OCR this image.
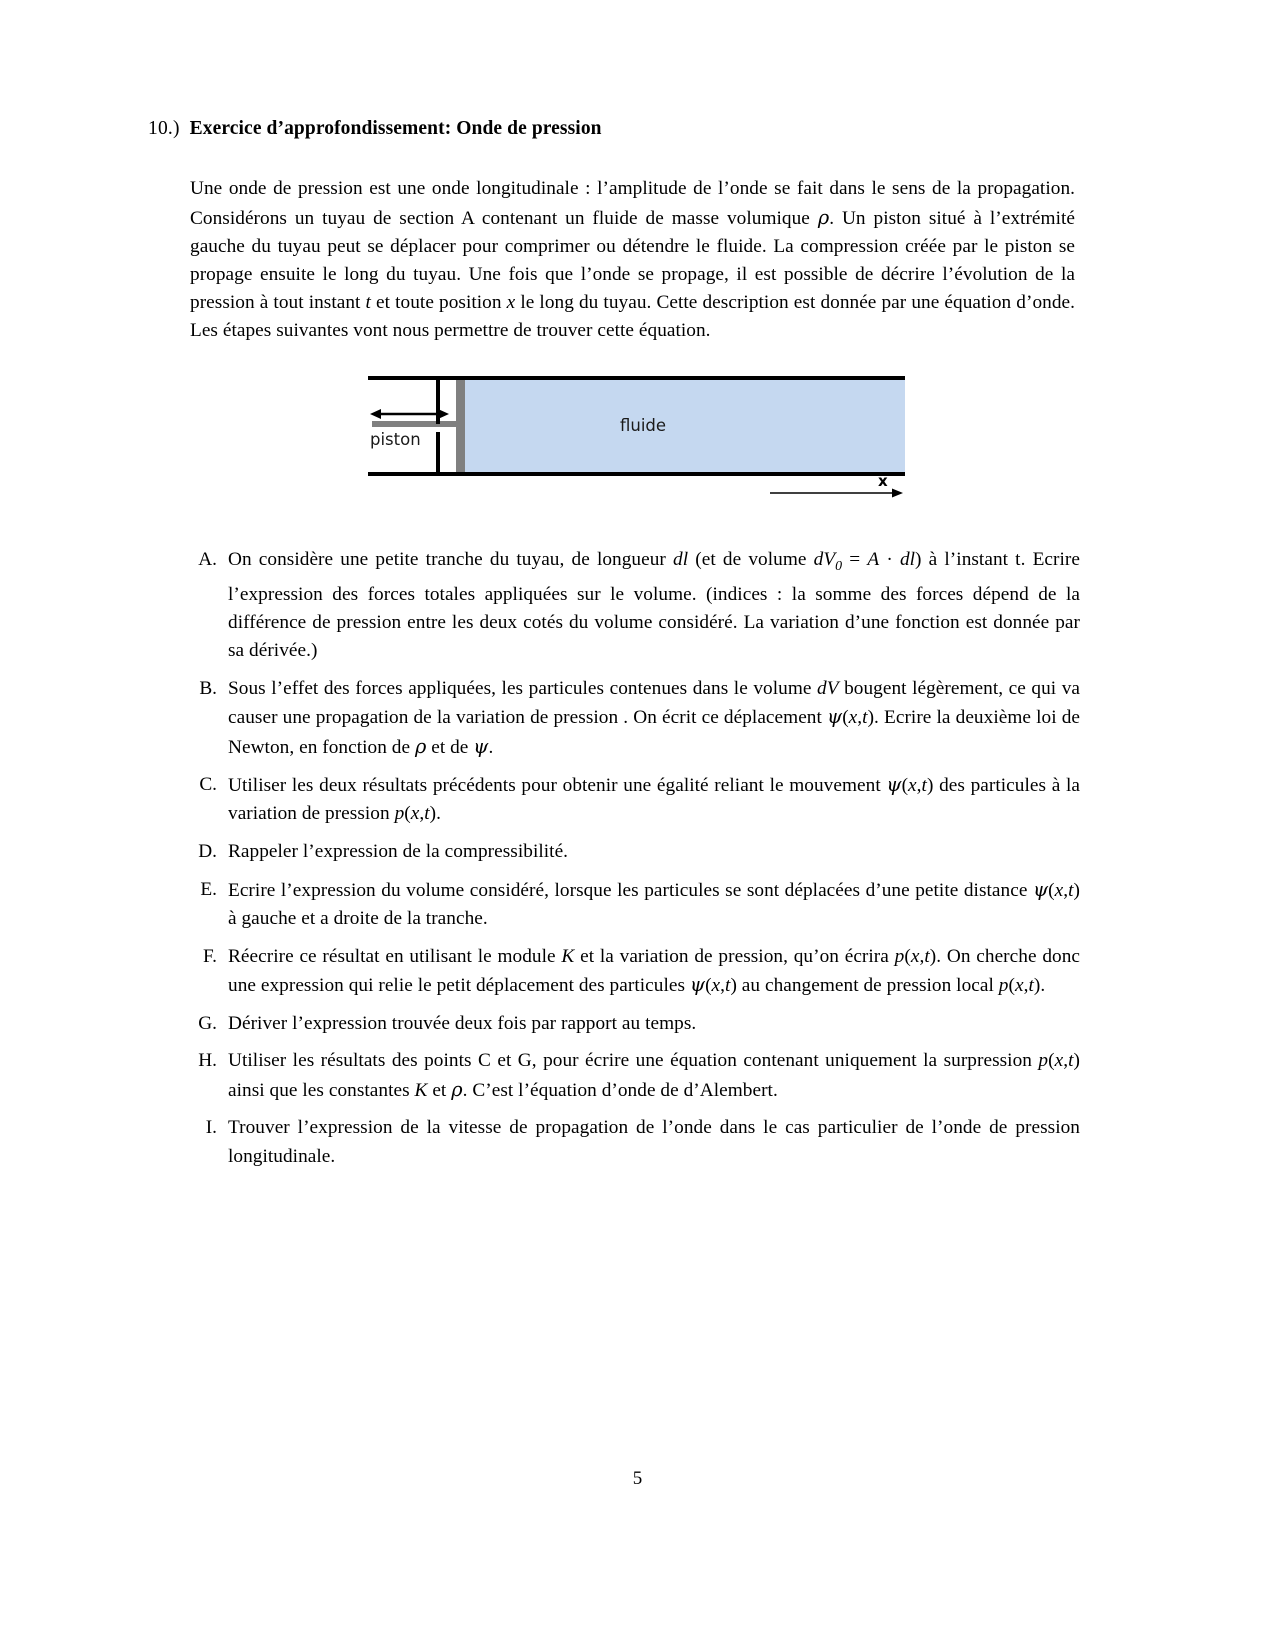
10.) Exercice d’approfondissement: Onde de pression

Une onde de pression est une onde longitudinale : l’amplitude de l’onde se fait dans le sens de la propagation. Considérons un tuyau de section A contenant un fluide de masse volumique ρ. Un piston situé à l’extrémité gauche du tuyau peut se déplacer pour comprimer ou détendre le fluide. La compression créée par le piston se propage ensuite le long du tuyau. Une fois que l’onde se propage, il est possible de décrire l’évolution de la pression à tout instant t et toute position x le long du tuyau. Cette description est donnée par une équation d’onde. Les étapes suivantes vont nous permettre de trouver cette équation.

fluide
piston
x
A. On considère une petite tranche du tuyau, de longueur dl (et de volume $dV_0 = A \cdot dl$) à l’instant t. Ecrire l’expression des forces totales appliquées sur le volume. (indices : la somme des forces dépend de la différence de pression entre les deux cotés du volume considéré. La variation d’une fonction est donnée par sa dérivée.)
B. Sous l’effet des forces appliquées, les particules contenues dans le volume dV bougent légèrement, ce qui va causer une propagation de la variation de pression . On écrit ce déplacement ψ(x,t). Ecrire la deuxième loi de Newton, en fonction de ρ et de ψ.
C. Utiliser les deux résultats précédents pour obtenir une égalité reliant le mouvement ψ(x,t) des particules à la variation de pression p(x,t).
D. Rappeler l’expression de la compressibilité.
E. Ecrire l’expression du volume considéré, lorsque les particules se sont déplacées d’une petite distance ψ(x,t) à gauche et a droite de la tranche.
F. Réecrire ce résultat en utilisant le module K et la variation de pression, qu’on écrira p(x,t). On cherche donc une expression qui relie le petit déplacement des particules ψ(x,t) au changement de pression local p(x,t).
G. Dériver l’expression trouvée deux fois par rapport au temps.
H. Utiliser les résultats des points C et G, pour écrire une équation contenant uniquement la surpression p(x,t) ainsi que les constantes K et ρ. C’est l’équation d’onde de d’Alembert.
I. Trouver l’expression de la vitesse de propagation de l’onde dans le cas particulier de l’onde de pression longitudinale.
5
